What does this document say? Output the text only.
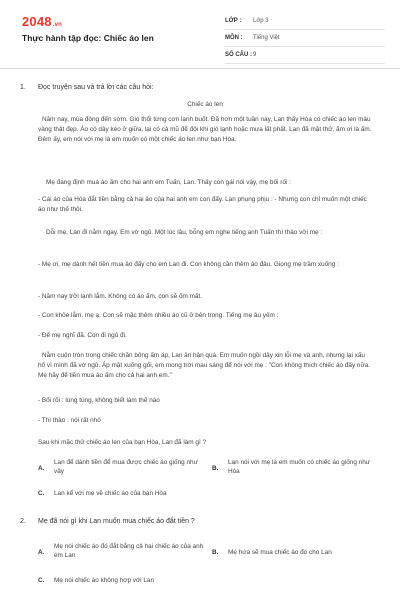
2048.vn
Thực hành tập đọc: Chiếc áo len
LỚP :	Lớp 3
MÔN :	Tiếng Việt
SỐ CÂU : 9
1.	Đọc truyện sau và trả lời các câu hỏi:
Chiếc áo len
Năm nay, mùa đông đến sớm. Gió thổi từng cơn lạnh buốt. Đã hơn một tuần nay, Lan thấy Hòa có chiếc áo len màu vàng thật đẹp. Áo có dây kéo ở giữa, lại có cả mũ để đội khi gió lạnh hoặc mưa lất phất. Lan đã mặt thử, ấm ơi là ấm. Đêm ấy, em nói với mẹ là em muốn có một chiếc áo len như bạn Hòa.
Mẹ đang định mua áo ấm cho hai anh em Tuấn, Lan. Thấy con gái nói vậy, mẹ bối rối :
- Cái áo của Hòa đắt tiền bằng cả hai áo của hai anh em con đấy. Lan phụng phịu : - Nhưng con chỉ muốn một chiếc áo như thế thôi.
Dỗi mẹ, Lan đi nằm ngay. Em vờ ngủ. Một lúc lâu, bỗng em nghe tiếng anh Tuấn thì thào với mẹ :
- Mẹ ơi, mẹ dành hết tiền mua áo đấy cho em Lan đi. Con không cần thêm áo đâu. Giọng mẹ trầm xuống :
- Năm nay trời lạnh lắm. Không có áo ấm, con sẽ ốm mất.
- Con khỏe lắm, mẹ ạ. Con sẽ mặc thêm nhiều áo cũ ở bên trong. Tiếng mẹ âu yếm :
- Để mẹ nghĩ đã. Con đi ngủ đi.
Nằm cuộn tròn trong chiếc chăn bông ấm áp, Lan ân hận quá. Em muốn ngồi dậy xin lỗi mẹ và anh, nhưng lại xấu hổ vì mình đã vờ ngủ. Áp mặt xuống gối, em mong trời mau sáng để nói với mẹ : "Con không thích chiếc áo đấy nữa. Mẹ hãy để tiền mua áo ấm cho cả hai anh em."
- Bối rối : lúng túng, không biết làm thế nào
- Thì thào : nói rất nhỏ
Sau khi mặc thử chiếc áo len của bạn Hòa, Lan đã làm gì ?
A.
Lan để dành tiền để mua được chiếc áo giống như vậy	B.
Lan nói với mẹ là em muốn có chiếc áo giống như Hòa
C. Lan kể với mẹ về chiếc áo của bạn Hòa
2.	Mẹ đã nói gì khi Lan muốn mua chiếc áo đắt tiền ?
A.
Mẹ nói chiếc áo đó đắt bằng cả hai chiếc áo của anh em Lan	B. Mẹ hứa sẽ mua chiếc áo đó cho Lan
C. Mẹ nói chiếc áo không hợp với Lan
